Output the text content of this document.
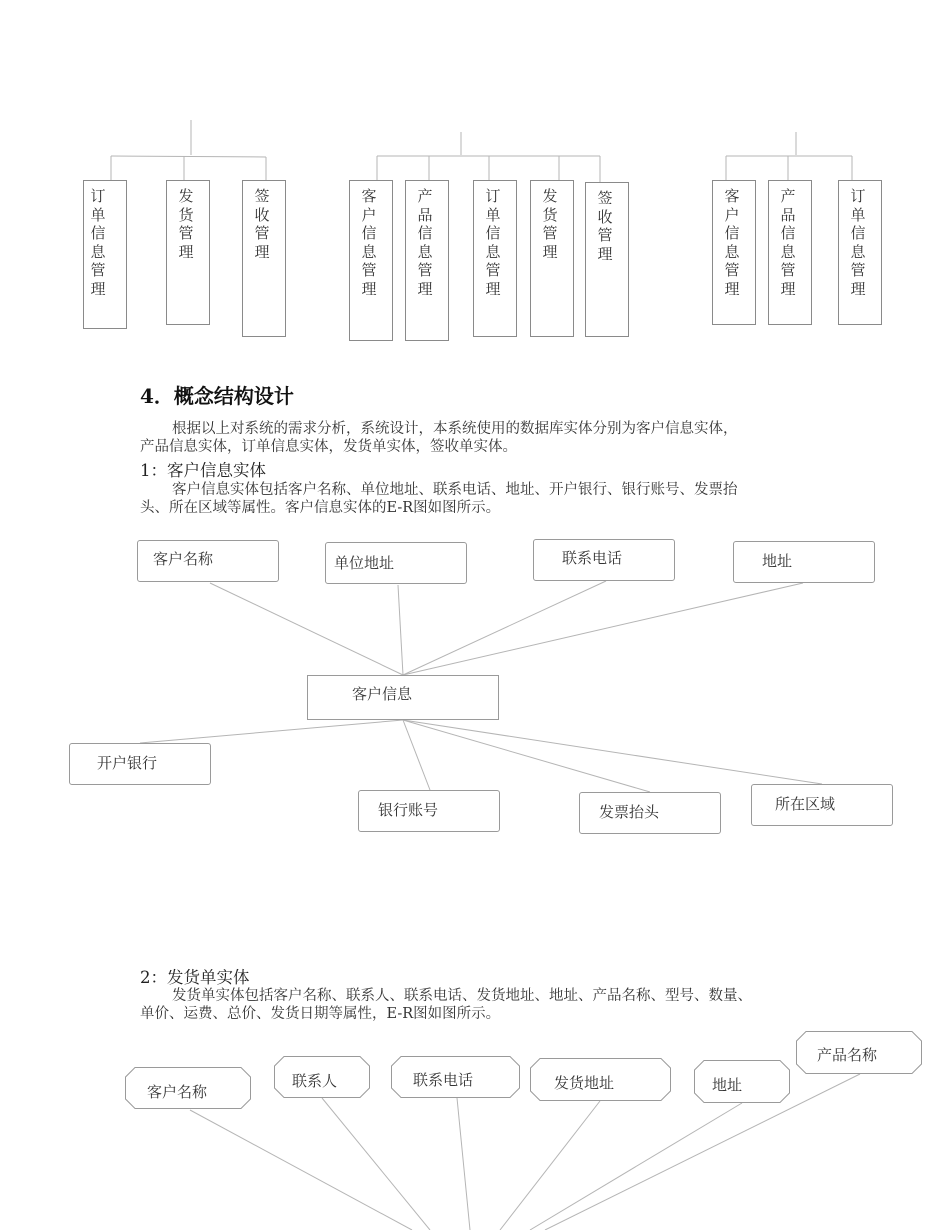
订单信息管理
发货管理
签收管理
客户信息管理
产品信息管理
订单信息管理
发货管理
签收管理
客户信息管理
产品信息管理
订单信息管理
4．概念结构设计
根据以上对系统的需求分析，系统设计，本系统使用的数据库实体分别为客户信息实体，
产品信息实体，订单信息实体，发货单实体，签收单实体。
1：客户信息实体
客户信息实体包括客户名称、单位地址、联系电话、地址、开户银行、银行账号、发票抬
头、所在区域等属性。客户信息实体的E-R图如图所示。
客户名称	单位地址	联系电话	地址
客户信息
开户银行
银行账号	发票抬头	所在区域
2：发货单实体
发货单实体包括客户名称、联系人、联系电话、发货地址、地址、产品名称、型号、数量、
单价、运费、总价、发货日期等属性，E-R图如图所示。
客户名称
联系人	联系电话	发货地址	地址
产品名称
